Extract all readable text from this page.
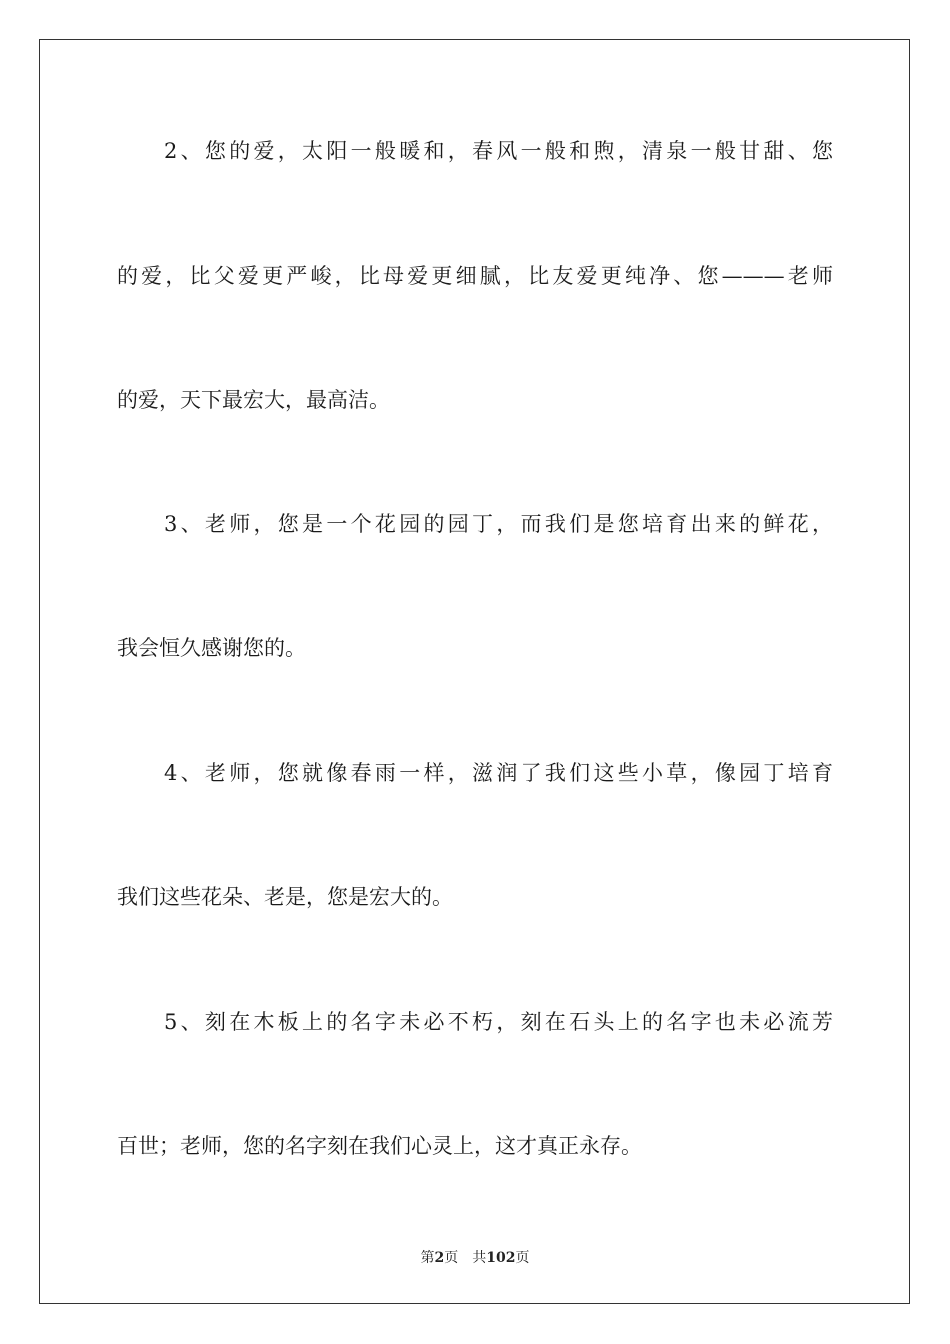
2、您的爱，太阳一般暖和，春风一般和煦，清泉一般甘甜、您
的爱，比父爱更严峻，比母爱更细腻，比友爱更纯净、您———老师
的爱，天下最宏大，最高洁。
3、老师，您是一个花园的园丁，而我们是您培育出来的鲜花，
我会恒久感谢您的。
4、老师，您就像春雨一样，滋润了我们这些小草，像园丁培育
我们这些花朵、老是，您是宏大的。
5、刻在木板上的名字未必不朽，刻在石头上的名字也未必流芳
百世；老师，您的名字刻在我们心灵上，这才真正永存。
第2页 共102页
